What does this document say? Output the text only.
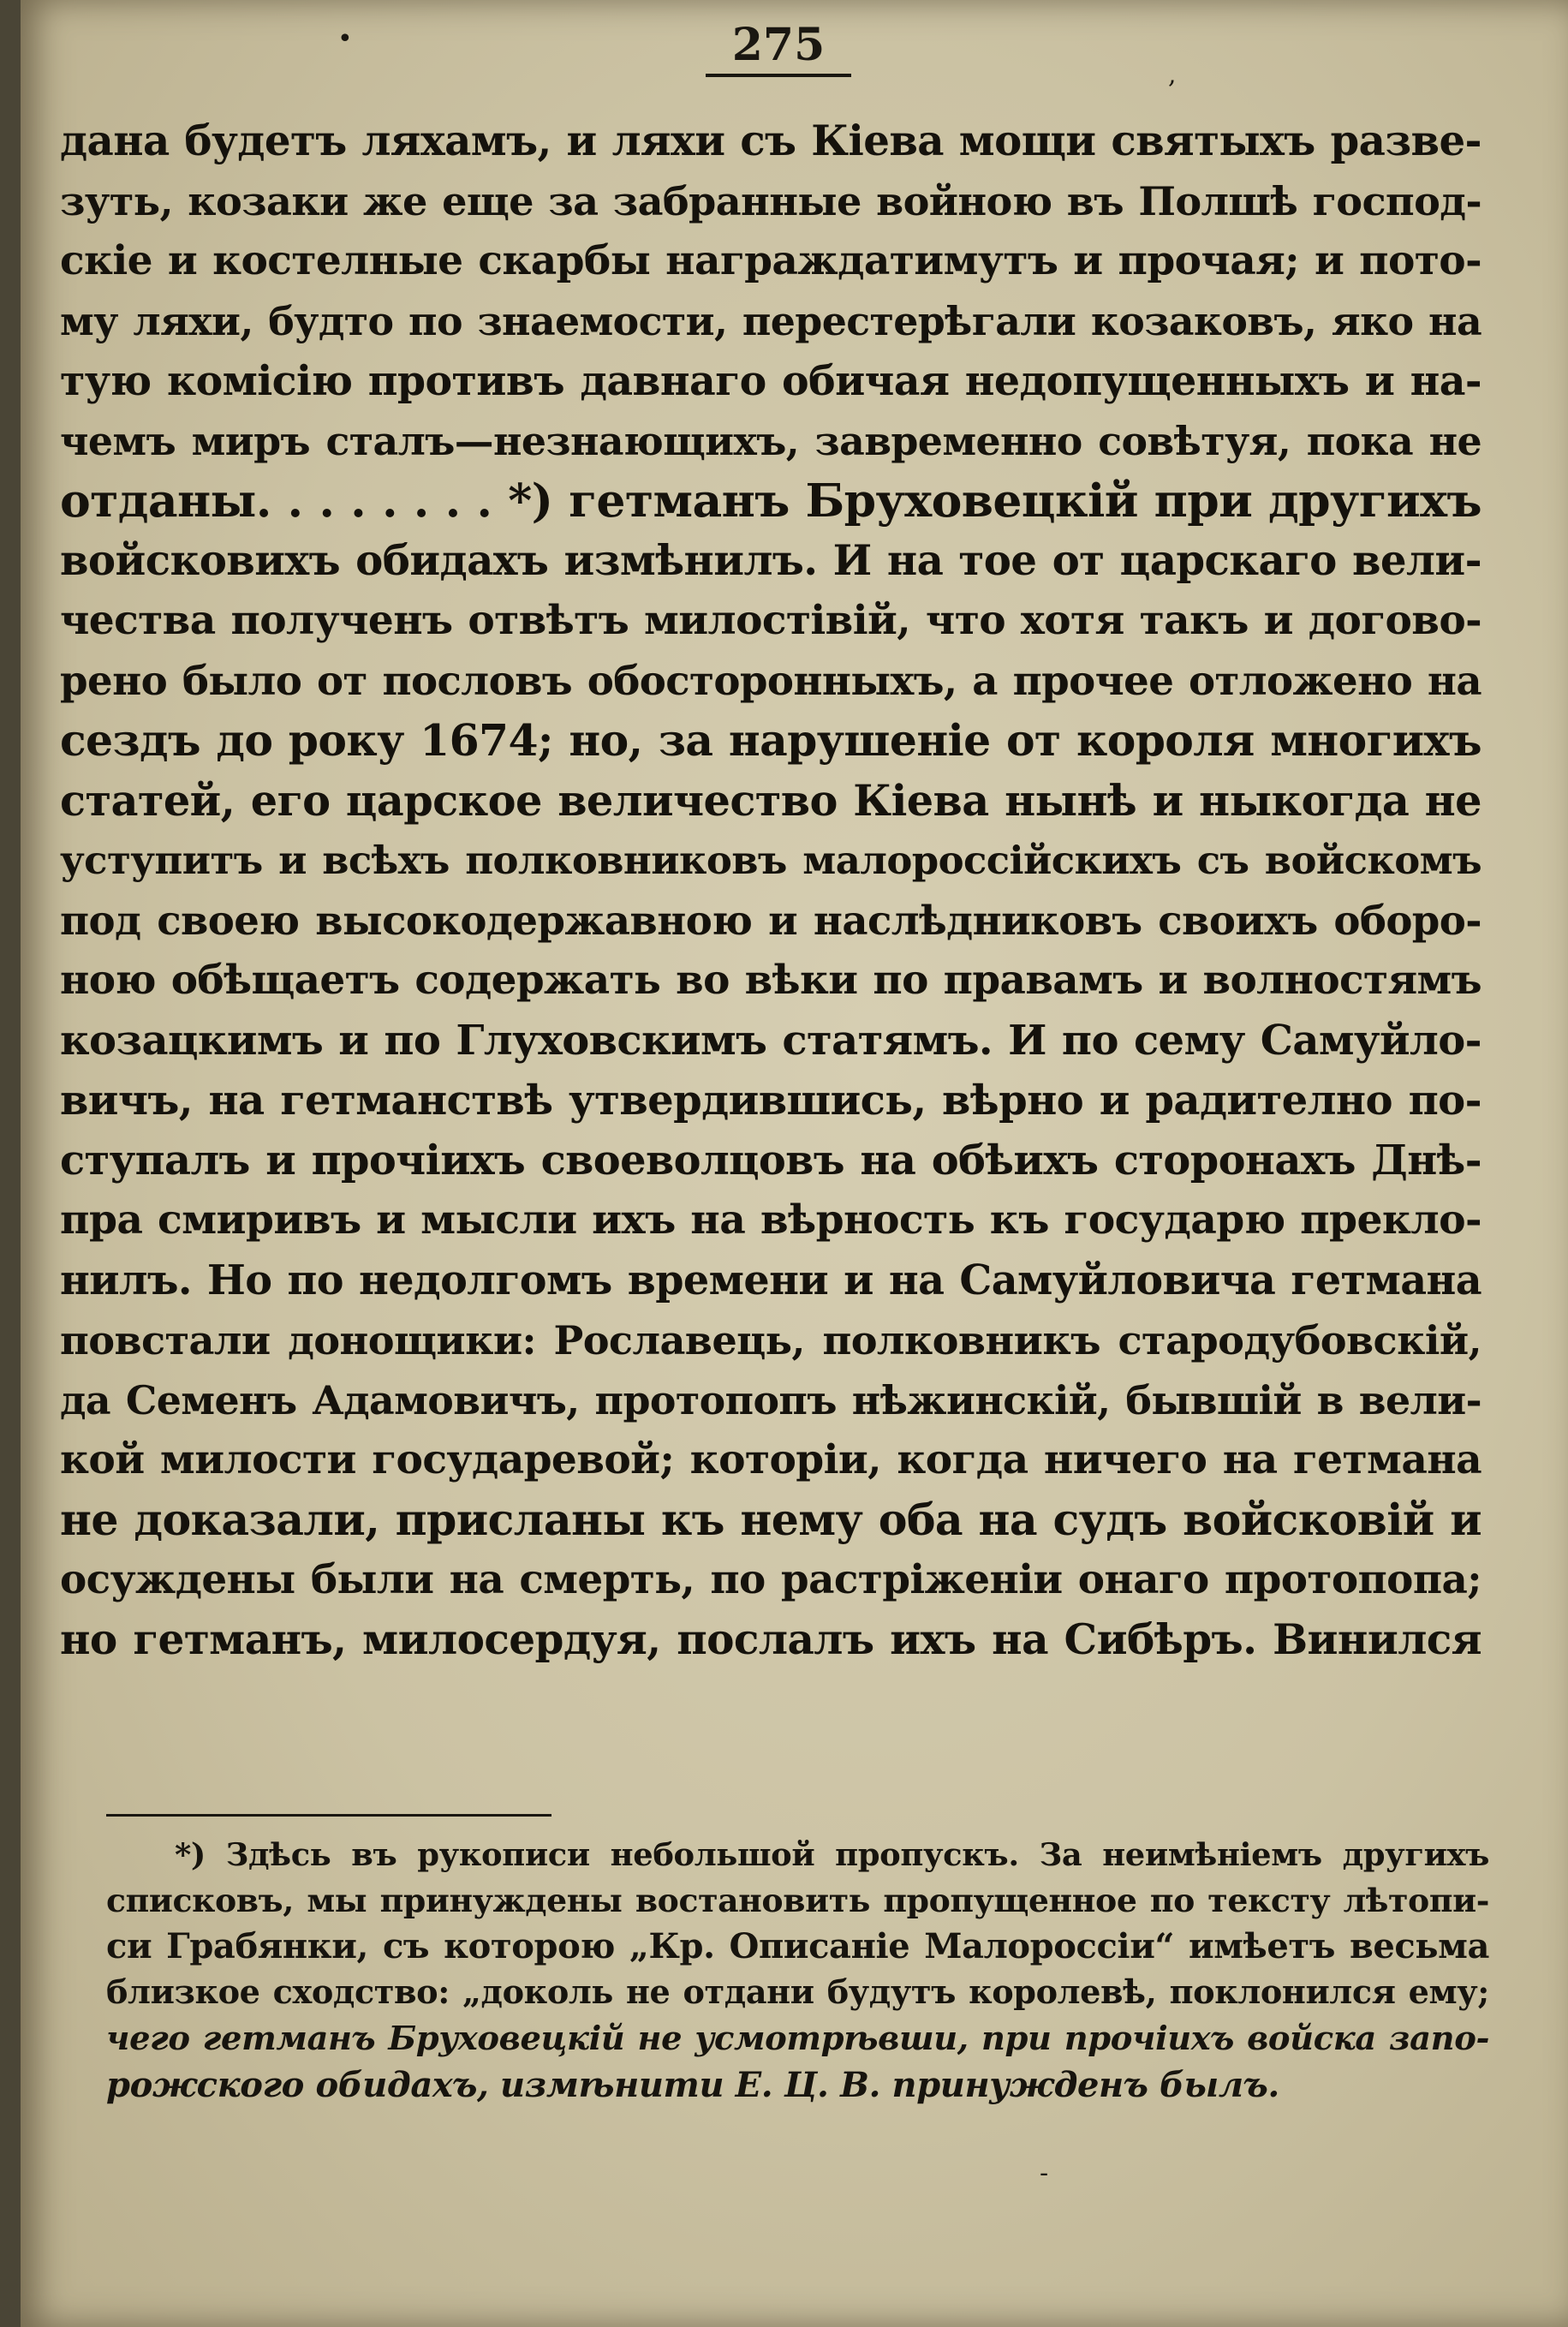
•
,
275
дана будетъ ляхамъ, и ляхи съ Кіева мощи святыхъ разве-
зуть, козаки же еще за забранные войною въ Полшѣ господ-
скіе и костелные скарбы награждатимутъ и прочая; и пото-
му ляхи, будто по знаемости, перестерѣгали козаковъ, яко на
тую комісію противъ давнаго обичая недопущенныхъ и на-
чемъ миръ сталъ—незнающихъ, завременно совѣтуя, пока не
отданы. . . . . . . . *) гетманъ Бруховецкій при другихъ
войсковихъ обидахъ измѣнилъ. И на тое от царскаго вели-
чества полученъ отвѣтъ милостівій, что хотя такъ и догово-
рено было от пословъ обосторонныхъ, а прочее отложено на
сездъ до року 1674; но, за нарушеніе от короля многихъ
статей, его царское величество Кіева нынѣ и ныкогда не
уступитъ и всѣхъ полковниковъ малороссійскихъ съ войскомъ
под своею высокодержавною и наслѣдниковъ своихъ оборо-
ною обѣщаетъ содержать во вѣки по правамъ и волностямъ
козацкимъ и по Глуховскимъ статямъ. И по сему Самуйло-
вичъ, на гетманствѣ утвердившись, вѣрно и радително по-
ступалъ и прочіихъ своеволцовъ на обѣихъ сторонахъ Днѣ-
пра смиривъ и мысли ихъ на вѣрность къ государю прекло-
нилъ. Но по недолгомъ времени и на Самуйловича гетмана
повстали донощики: Рославець, полковникъ стародубовскій,
да Семенъ Адамовичъ, протопопъ нѣжинскій, бывшій в вели-
кой милости государевой; которіи, когда ничего на гетмана
не доказали, присланы къ нему оба на судъ войсковій и
осуждены были на смерть, по растріженіи онаго протопопа;
но гетманъ, милосердуя, послалъ ихъ на Сибѣръ. Винился
*) Здѣсь въ рукописи небольшой пропускъ. За неимѣніемъ другихъ
списковъ, мы принуждены востановить пропущенное по тексту лѣтопи-
си Грабянки, съ которою „Кр. Описаніе Малороссіи“ имѣетъ весьма
близкое сходство: „доколь не отдани будутъ королевѣ, поклонился ему;
чего гетманъ Бруховецкій не усмотрѣвши, при прочіихъ войска запо-
рожского обидахъ, измѣнити Е. Ц. В. принужденъ былъ.
-
